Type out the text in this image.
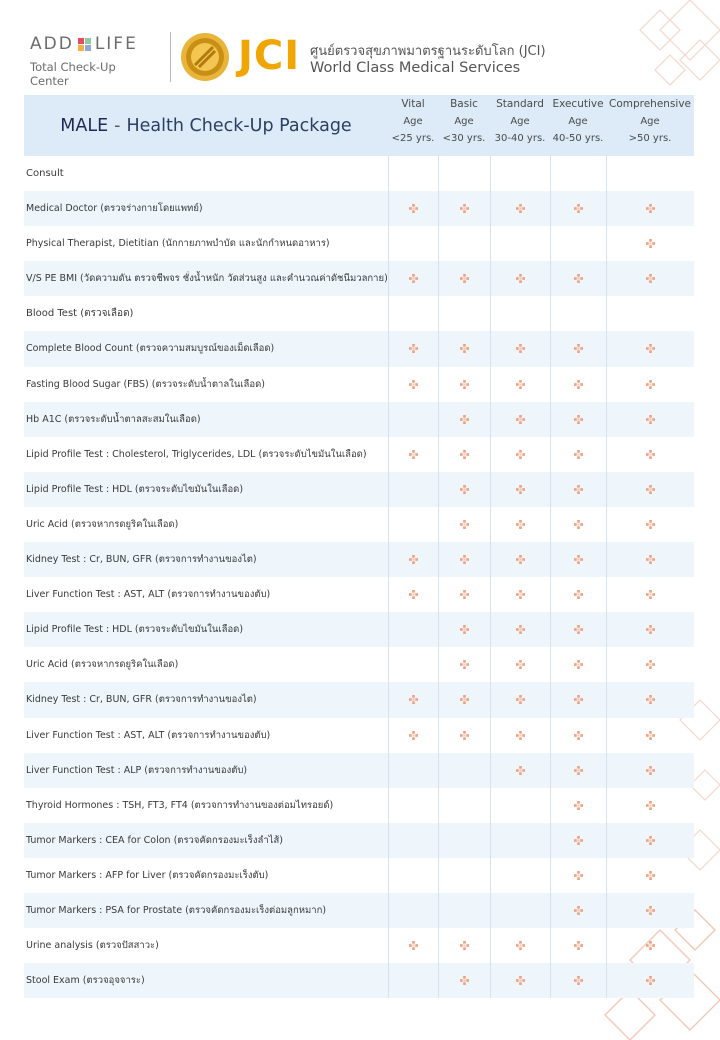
ADD LIFE
Total Check-Up Center
JCI ศูนย์ตรวจสุขภาพมาตรฐานระดับโลก (JCI)
World Class Medical Services
MALE - Health Check-Up Package
Vital
Age
<25 yrs.
Basic
Age
<30 yrs.
Standard
Age
30-40 yrs.
Executive
Age
40-50 yrs.
Comprehensive
Age
>50 yrs.
Consult
Medical Doctor (ตรวจร่างกายโดยแพทย์)
Physical Therapist, Dietitian (นักกายภาพบำบัด และนักกำหนดอาหาร)
V/S PE BMI (วัดความดัน ตรวจชีพจร ชั่งน้ำหนัก วัดส่วนสูง และคำนวณค่าดัชนีมวลกาย)
Blood Test (ตรวจเลือด)
Complete Blood Count (ตรวจความสมบูรณ์ของเม็ดเลือด)
Fasting Blood Sugar (FBS) (ตรวจระดับน้ำตาลในเลือด)
Hb A1C (ตรวจระดับน้ำตาลสะสมในเลือด)
Lipid Profile Test : Cholesterol, Triglycerides, LDL (ตรวจระดับไขมันในเลือด)
Lipid Profile Test : HDL (ตรวจระดับไขมันในเลือด)
Uric Acid (ตรวจหากรดยูริคในเลือด)
Kidney Test : Cr, BUN, GFR (ตรวจการทำงานของไต)
Liver Function Test : AST, ALT (ตรวจการทำงานของตับ)
Lipid Profile Test : HDL (ตรวจระดับไขมันในเลือด)
Uric Acid (ตรวจหากรดยูริคในเลือด)
Kidney Test : Cr, BUN, GFR (ตรวจการทำงานของไต)
Liver Function Test : AST, ALT (ตรวจการทำงานของตับ)
Liver Function Test : ALP (ตรวจการทำงานของตับ)
Thyroid Hormones : TSH, FT3, FT4 (ตรวจการทำงานของต่อมไทรอยด์)
Tumor Markers : CEA for Colon (ตรวจคัดกรองมะเร็งลำไส้)
Tumor Markers : AFP for Liver (ตรวจคัดกรองมะเร็งตับ)
Tumor Markers : PSA for Prostate (ตรวจคัดกรองมะเร็งต่อมลูกหมาก)
Urine analysis (ตรวจปัสสาวะ)
Stool Exam (ตรวจอุจจาระ)
